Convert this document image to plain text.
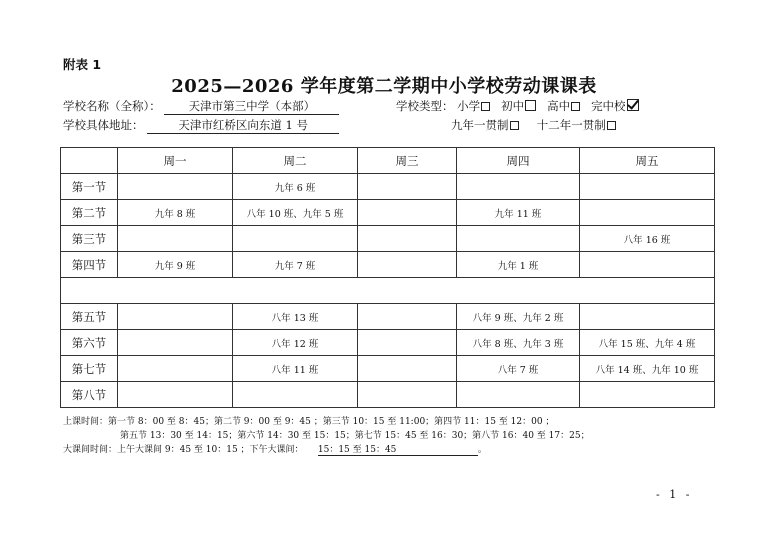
附表 1
2025—2026 学年度第二学期中小学校劳动课课表
学校名称（全称）： 天津市第三中学（本部）	学校类型： 小学 初中 高中 完中校
学校具体地址：	天津市红桥区向东道 1 号	九年一贯制 十二年一贯制
	周一	周二	周三	周四	周五
第一节		九年 6 班			
第二节	九年 8 班	八年 10 班、九年 5 班		九年 11 班	
第三节					八年 16 班
第四节	九年 9 班	九年 7 班		九年 1 班	

第五节		八年 13 班		八年 9 班、九年 2 班	
第六节		八年 12 班		八年 8 班、九年 3 班	八年 15 班、九年 4 班
第七节		八年 11 班		八年 7 班	八年 14 班、九年 10 班
第八节					
上课时间：第一节 8：00 至 8：45；第二节 9：00 至 9：45 ；第三节 10：15 至 11:00；第四节 11：15 至 12：00 ；
第五节 13：30 至 14：15；第六节 14：30 至 15：15；第七节 15：45 至 16：30；第八节 16：40 至 17：25；
大课间时间：上午大课间 9：45 至 10：15 ；下午大课间： 15：15 至 15：45	。
- 1 -
